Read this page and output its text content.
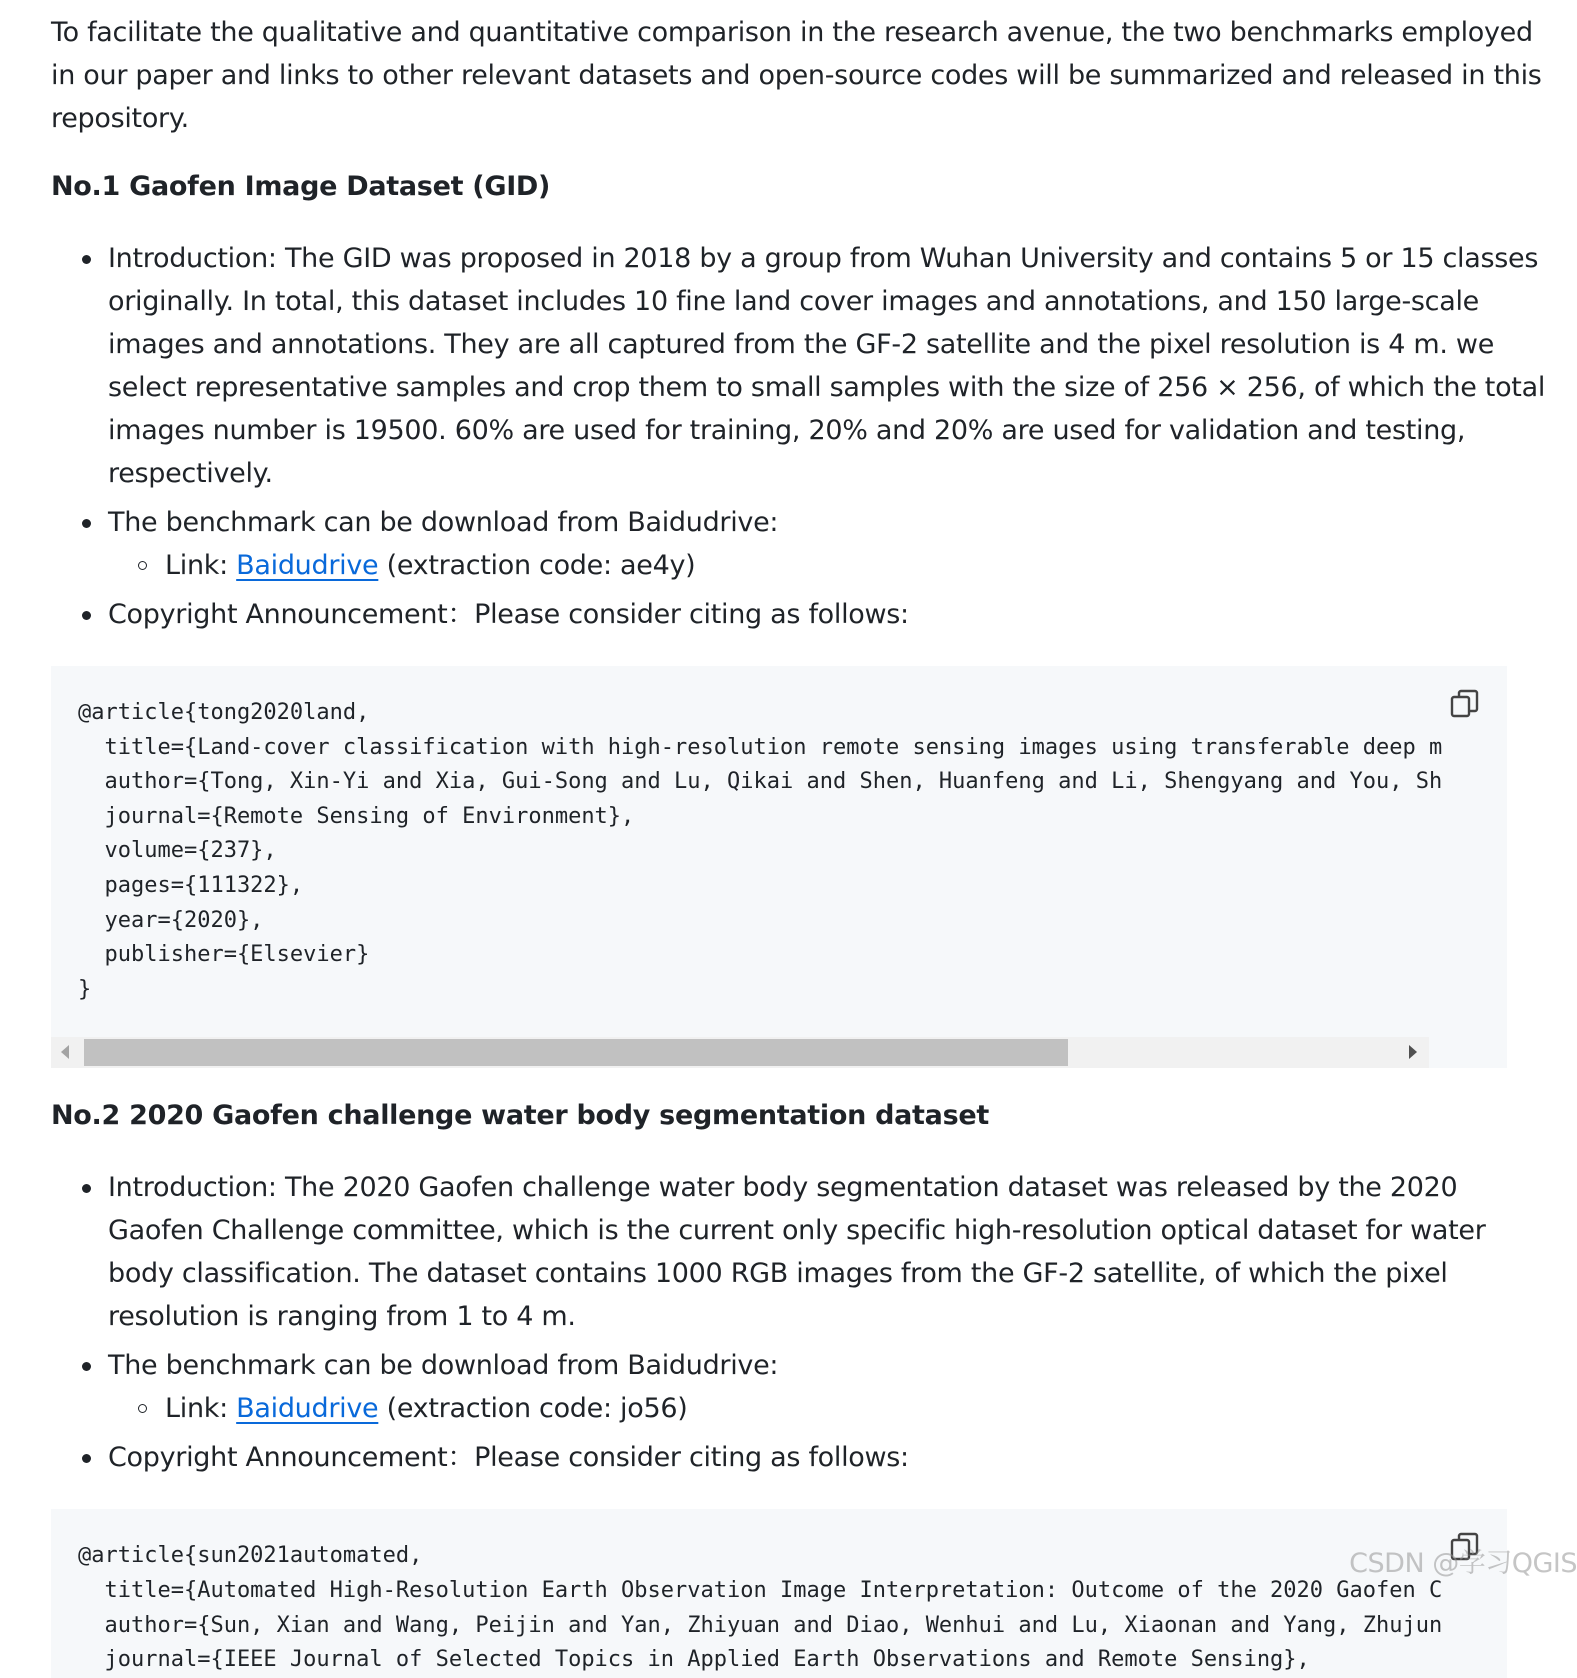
To facilitate the qualitative and quantitative comparison in the research avenue, the two benchmarks employed in our paper and links to other relevant datasets and open-source codes will be summarized and released in this repository.

No.1 Gaofen Image Dataset (GID)
Introduction: The GID was proposed in 2018 by a group from Wuhan University and contains 5 or 15 classes originally. In total, this dataset includes 10 fine land cover images and annotations, and 150 large-scale images and annotations. They are all captured from the GF-2 satellite and the pixel resolution is 4 m. we select representative samples and crop them to small samples with the size of 256 × 256, of which the total images number is 19500. 60% are used for training, 20% and 20% are used for validation and testing, respectively.
The benchmark can be download from Baidudrive:
Link: Baidudrive (extraction code: ae4y)
Copyright Announcement：Please consider citing as follows:
@article{tong2020land,
title={Land-cover classification with high-resolution remote sensing images using transferable deep m
author={Tong, Xin-Yi and Xia, Gui-Song and Lu, Qikai and Shen, Huanfeng and Li, Shengyang and You, Sh
journal={Remote Sensing of Environment},
volume={237},
pages={111322},
year={2020},
publisher={Elsevier}
}
No.2 2020 Gaofen challenge water body segmentation dataset
Introduction: The 2020 Gaofen challenge water body segmentation dataset was released by the 2020 Gaofen Challenge committee, which is the current only specific high-resolution optical dataset for water body classification. The dataset contains 1000 RGB images from the GF-2 satellite, of which the pixel resolution is ranging from 1 to 4 m.
The benchmark can be download from Baidudrive:
Link: Baidudrive (extraction code: jo56)
Copyright Announcement：Please consider citing as follows:
@article{sun2021automated,
title={Automated High-Resolution Earth Observation Image Interpretation: Outcome of the 2020 Gaofen C
author={Sun, Xian and Wang, Peijin and Yan, Zhiyuan and Diao, Wenhui and Lu, Xiaonan and Yang, Zhujun
journal={IEEE Journal of Selected Topics in Applied Earth Observations and Remote Sensing},
CSDN @学习QGIS
